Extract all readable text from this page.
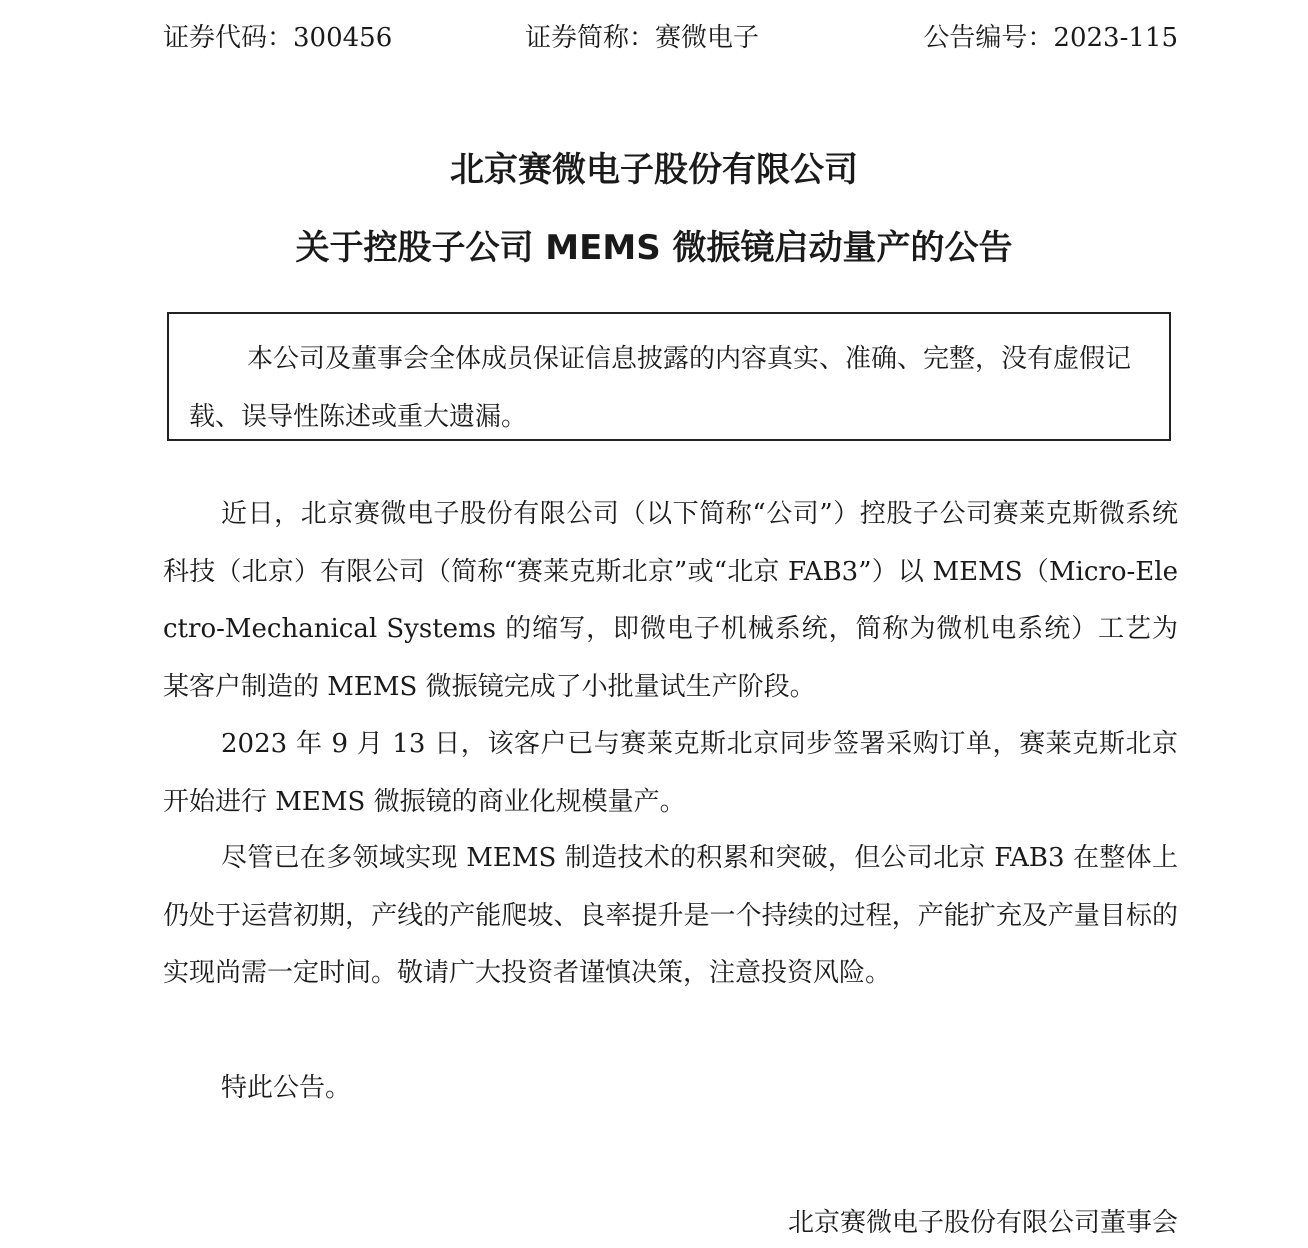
证券代码：300456	证券简称：赛微电子	公告编号：2023-115
北京赛微电子股份有限公司
关于控股子公司 MEMS 微振镜启动量产的公告
本公司及董事会全体成员保证信息披露的内容真实、准确、完整，没有虚假记载、误导性陈述或重大遗漏。
近日，北京赛微电子股份有限公司（以下简称“公司”）控股子公司赛莱克斯微系统科技（北京）有限公司（简称“赛莱克斯北京”或“北京 FAB3”）以 MEMS（Micro-Electro-Mechanical Systems 的缩写，即微电子机械系统，简称为微机电系统）工艺为某客户制造的 MEMS 微振镜完成了小批量试生产阶段。
2023 年 9 月 13 日，该客户已与赛莱克斯北京同步签署采购订单，赛莱克斯北京开始进行 MEMS 微振镜的商业化规模量产。
尽管已在多领域实现 MEMS 制造技术的积累和突破，但公司北京 FAB3 在整体上仍处于运营初期，产线的产能爬坡、良率提升是一个持续的过程，产能扩充及产量目标的实现尚需一定时间。敬请广大投资者谨慎决策，注意投资风险。
特此公告。
北京赛微电子股份有限公司董事会
